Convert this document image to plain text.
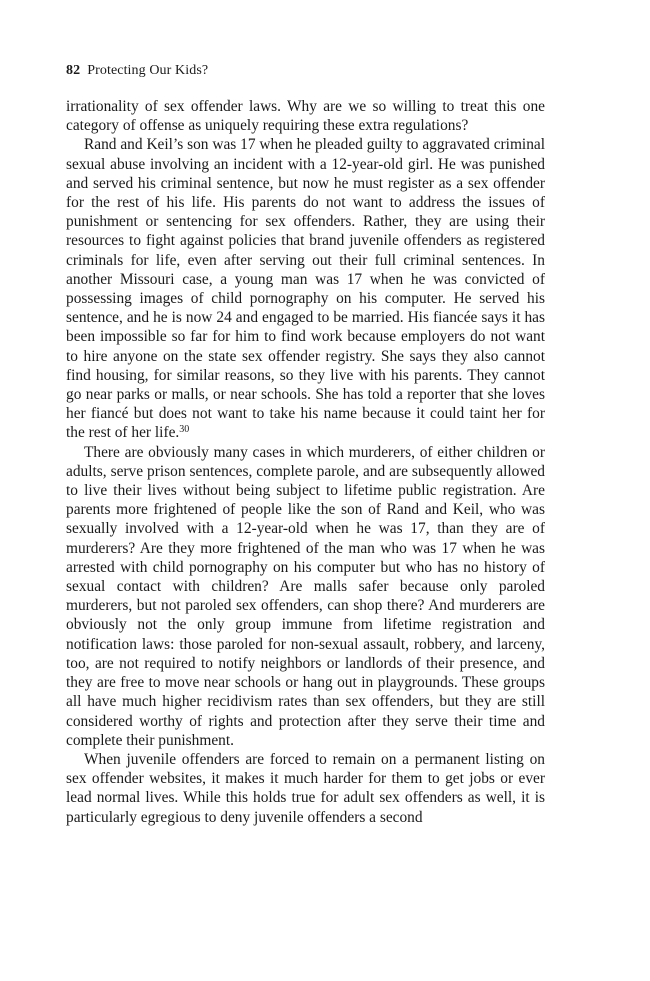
82 Protecting Our Kids?

irrationality of sex offender laws. Why are we so willing to treat this one category of offense as uniquely requiring these extra regulations?

Rand and Keil’s son was 17 when he pleaded guilty to aggravated criminal sexual abuse involving an incident with a 12-year-old girl. He was punished and served his criminal sentence, but now he must register as a sex offender for the rest of his life. His parents do not want to address the issues of punishment or sentencing for sex offenders. Rather, they are using their resources to fight against policies that brand juvenile offenders as registered criminals for life, even after serving out their full criminal sentences. In another Missouri case, a young man was 17 when he was convicted of possessing images of child pornography on his computer. He served his sentence, and he is now 24 and engaged to be married. His fiancée says it has been impossible so far for him to find work because employers do not want to hire anyone on the state sex offender registry. She says they also cannot find housing, for similar reasons, so they live with his parents. They cannot go near parks or malls, or near schools. She has told a reporter that she loves her fiancé but does not want to take his name because it could taint her for the rest of her life.$^{30}$

There are obviously many cases in which murderers, of either children or adults, serve prison sentences, complete parole, and are subsequently allowed to live their lives without being subject to lifetime public registration. Are parents more frightened of people like the son of Rand and Keil, who was sexually involved with a 12-year-old when he was 17, than they are of murderers? Are they more frightened of the man who was 17 when he was arrested with child pornography on his computer but who has no history of sexual contact with children? Are malls safer because only paroled murderers, but not paroled sex offenders, can shop there? And murderers are obviously not the only group immune from lifetime registration and notification laws: those paroled for non-sexual assault, robbery, and larceny, too, are not required to notify neighbors or landlords of their presence, and they are free to move near schools or hang out in playgrounds. These groups all have much higher recidivism rates than sex offenders, but they are still considered worthy of rights and protection after they serve their time and complete their punishment.

When juvenile offenders are forced to remain on a permanent listing on sex offender websites, it makes it much harder for them to get jobs or ever lead normal lives. While this holds true for adult sex offenders as well, it is particularly egregious to deny juvenile offenders a second
